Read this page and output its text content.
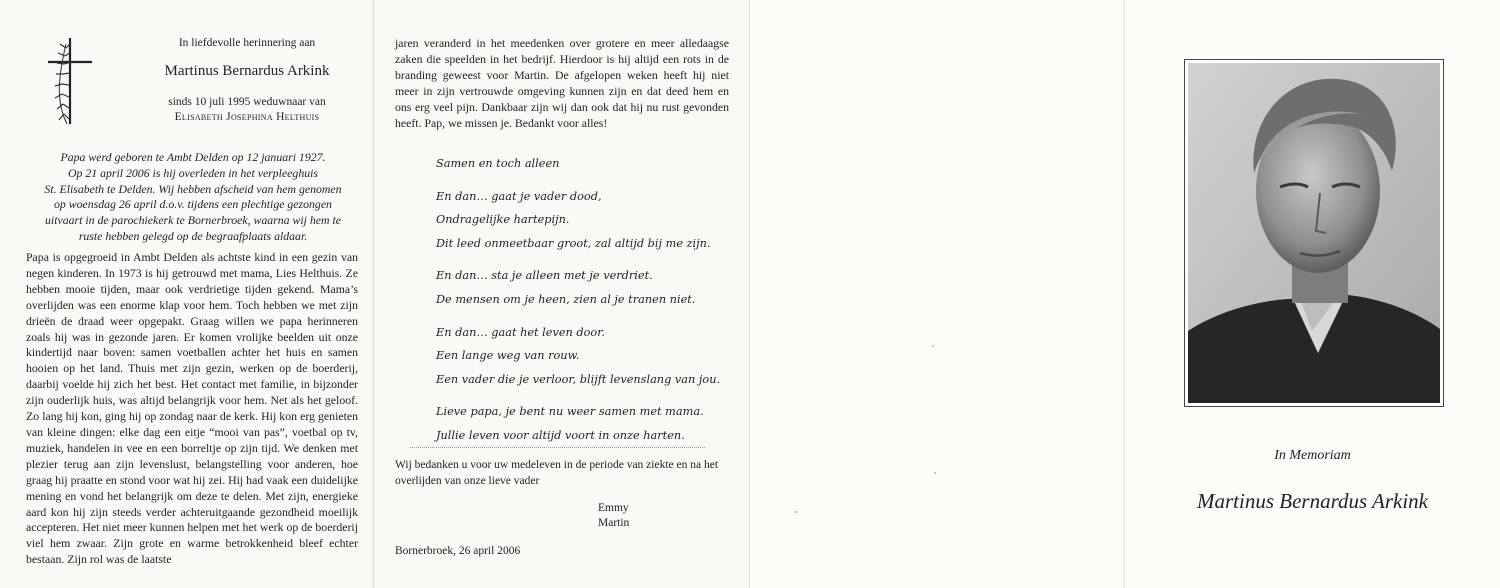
In liefdevolle herinnering aan
Martinus Bernardus Arkink
sinds 10 juli 1995 weduwnaar van
Elisabeth Josephina Helthuis
Papa werd geboren te Ambt Delden op 12 januari 1927.
Op 21 april 2006 is hij overleden in het verpleeghuis
St. Elisabeth te Delden. Wij hebben afscheid van hem genomen
op woensdag 26 april d.o.v. tijdens een plechtige gezongen
uitvaart in de parochiekerk te Bornerbroek, waarna wij hem te
ruste hebben gelegd op de begraafplaats aldaar.

Papa is opgegroeid in Ambt Delden als achtste kind in een gezin van negen kinderen. In 1973 is hij getrouwd met mama, Lies Helthuis. Ze hebben mooie tijden, maar ook verdrietige tijden gekend. Mama’s overlijden was een enorme klap voor hem. Toch hebben we met zijn drieën de draad weer opgepakt. Graag willen we papa herinneren zoals hij was in gezonde jaren. Er komen vrolijke beelden uit onze kindertijd naar boven: samen voetballen achter het huis en samen hooien op het land. Thuis met zijn gezin, werken op de boerderij, daarbij voelde hij zich het best. Het contact met familie, in bijzonder zijn ouderlijk huis, was altijd belangrijk voor hem. Net als het geloof. Zo lang hij kon, ging hij op zondag naar de kerk. Hij kon erg genieten van kleine dingen: elke dag een eitje “mooi van pas”, voetbal op tv, muziek, handelen in vee en een borreltje op zijn tijd. We denken met plezier terug aan zijn levenslust, belangstelling voor anderen, hoe graag hij praatte en stond voor wat hij zei. Hij had vaak een duidelijke mening en vond het belangrijk om deze te delen. Met zijn, energieke aard kon hij zijn steeds verder achteruitgaande gezondheid moeilijk accepteren. Het niet meer kunnen helpen met het werk op de boerderij viel hem zwaar. Zijn grote en warme betrokkenheid bleef echter bestaan. Zijn rol was de laatste

jaren veranderd in het meedenken over grotere en meer alledaagse zaken die speelden in het bedrijf. Hierdoor is hij altijd een rots in de branding geweest voor Martin. De afgelopen weken heeft hij niet meer in zijn vertrouwde omgeving kunnen zijn en dat deed hem en ons erg veel pijn. Dankbaar zijn wij dan ook dat hij nu rust gevonden heeft. Pap, we missen je. Bedankt voor alles!

Samen en toch alleen
En dan… gaat je vader dood,
Ondragelijke hartepijn.
Dit leed onmeetbaar groot, zal altijd bij me zijn.
En dan… sta je alleen met je verdriet.
De mensen om je heen, zien al je tranen niet.
En dan… gaat het leven door.
Een lange weg van rouw.
Een vader die je verloor, blijft levenslang van jou.
Lieve papa, je bent nu weer samen met mama.
Jullie leven voor altijd voort in onze harten.

Wij bedanken u voor uw medeleven in de periode van ziekte en na het overlijden van onze lieve vader

Emmy
Martin
Bornerbroek, 26 april 2006
In Memoriam
Martinus Bernardus Arkink
